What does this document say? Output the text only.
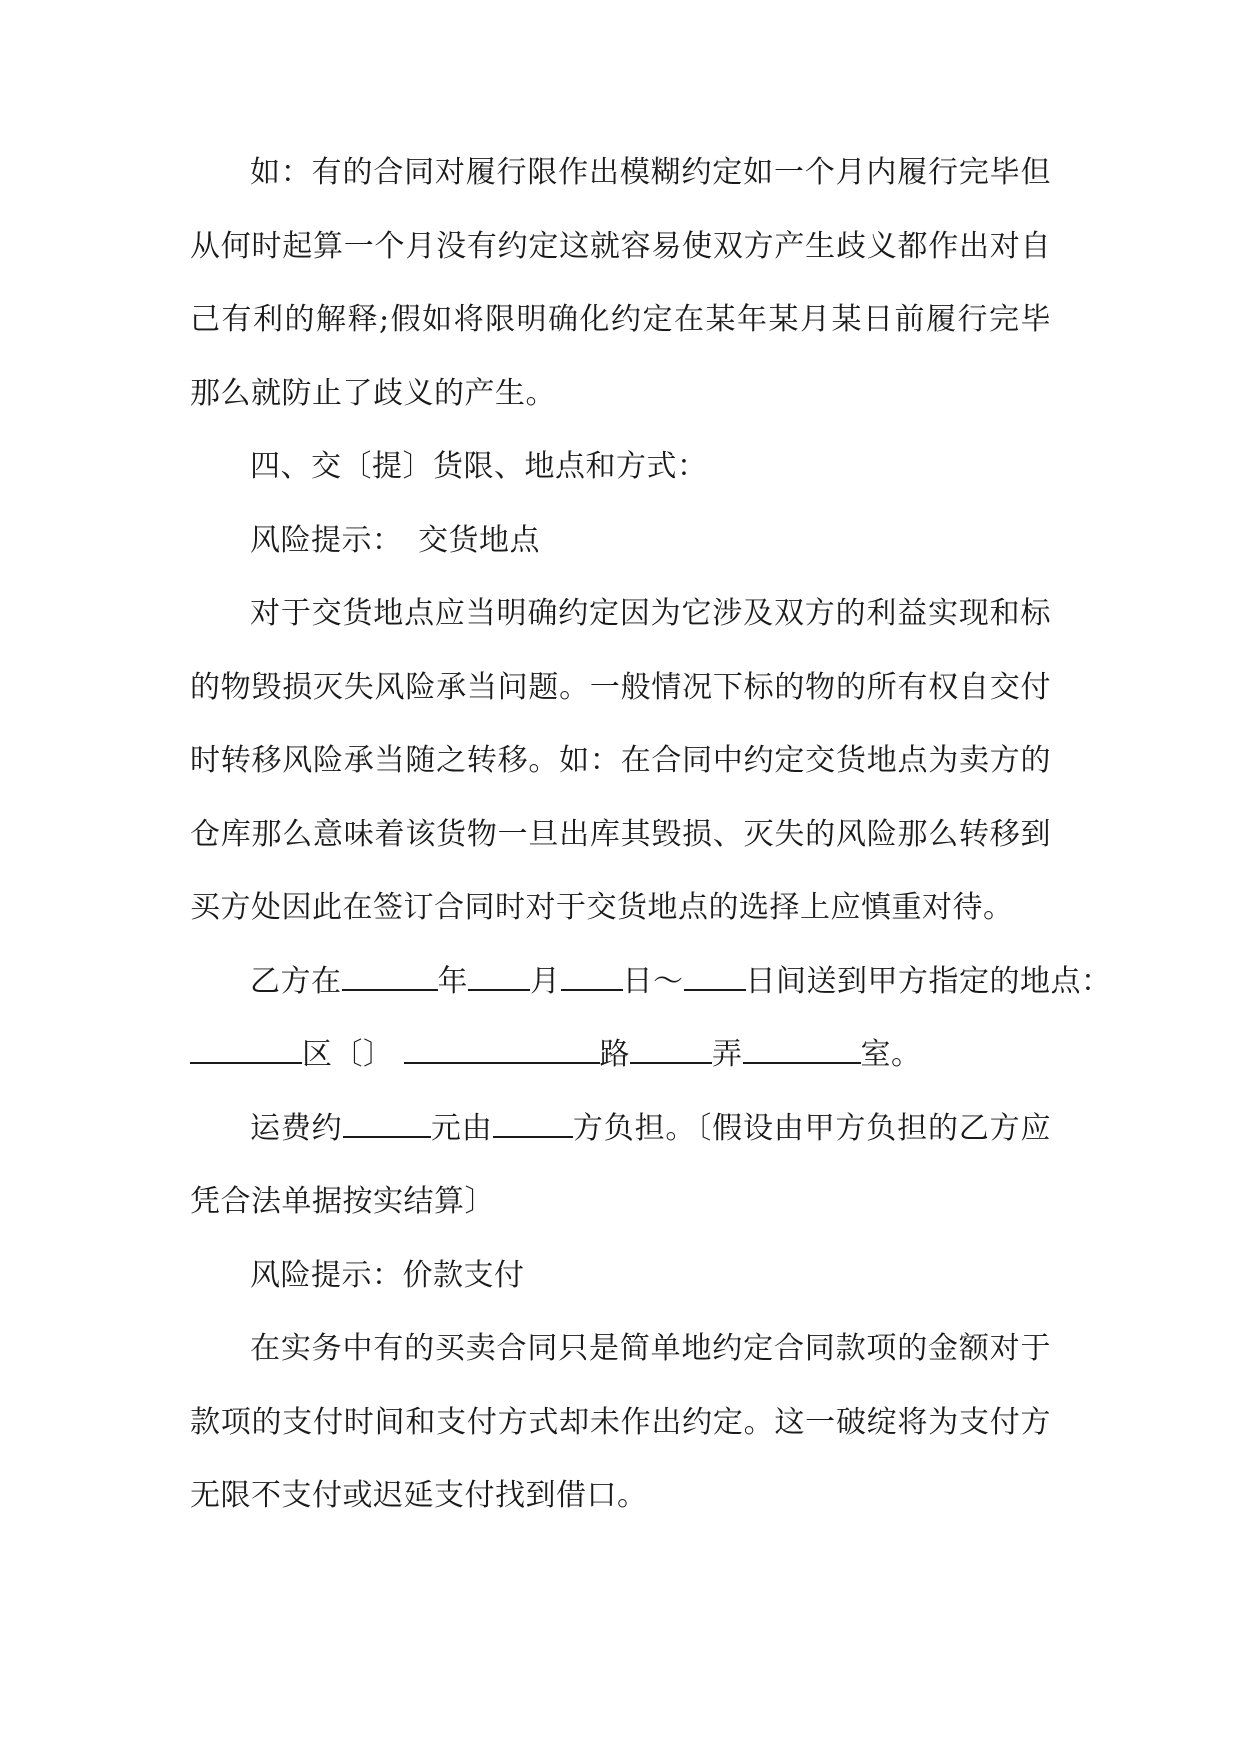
如：有的合同对履行限作出模糊约定如一个月内履行完毕但从何时起算一个月没有约定这就容易使双方产生歧义都作出对自己有利的解释;假如将限明确化约定在某年某月某日前履行完毕那么就防止了歧义的产生。

四、交〔提〕货限、地点和方式：

风险提示：　交货地点

对于交货地点应当明确约定因为它涉及双方的利益实现和标的物毁损灭失风险承当问题。一般情况下标的物的所有权自交付时转移风险承当随之转移。如：在合同中约定交货地点为卖方的仓库那么意味着该货物一旦出库其毁损、灭失的风险那么转移到买方处因此在签订合同时对于交货地点的选择上应慎重对待。

乙方在	年 月 日～ 日间送到甲方指定的地点：

区〔〕	路	弄	室。

运费约	元由	方负担。〔假设由甲方负担的乙方应凭合法单据按实结算〕

风险提示：价款支付

在实务中有的买卖合同只是简单地约定合同款项的金额对于款项的支付时间和支付方式却未作出约定。这一破绽将为支付方无限不支付或迟延支付找到借口。
